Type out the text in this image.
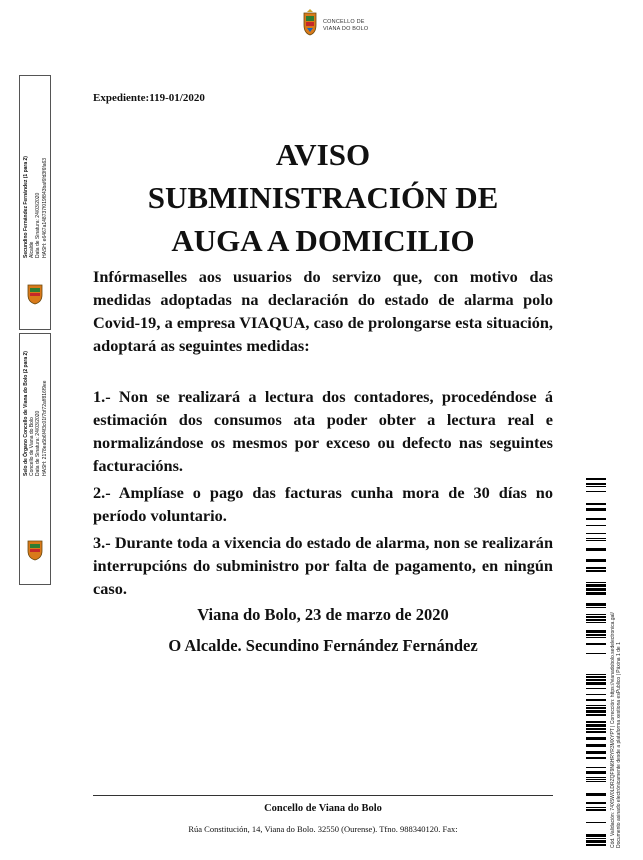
CONCELLO DE
VIANA DO BOLO
Secundino Fernández Fernández (1 para 2) Alcalde Data de Sinatura: 24/03/2020 HASH: e6467a148737f019f843baf6fd3f6fa63
Selo de Órgano Concello de Viana do Bolo (2 para 2) Concello de Viana do Bolo Data de Sinatura: 24/03/2020 HASH: 2178ea5b6f4f3c01f7bf72aff816f9ee
Expediente:119-01/2020
AVISO
SUBMINISTRACIÓN DE
AUGA A DOMICILIO
Infórmaselles aos usuarios do servizo que, con motivo das medidas adoptadas na declaración do estado de alarma polo Covid-19, a empresa VIAQUA, caso de prolongarse esta situación, adoptará as seguintes medidas:
1.- Non se realizará a lectura dos contadores, procedéndose á estimación dos consumos ata poder obter a lectura real e normalizándose os mesmos por exceso ou defecto nas seguintes facturacións.
2.- Amplíase o pago das facturas cunha mora de 30 días no período voluntario.
3.- Durante toda a vixencia do estado de alarma, non se realizarán interrupcións do subministro por falta de pagamento, en ningún caso.
Viana do Bolo, 23 de marzo de 2020
O Alcalde. Secundino Fernández Fernández
Concello de Viana do Bolo
Rúa Constitución, 14, Viana do Bolo. 32550 (Ourense). Tfno. 988340120. Fax:	Cód. Validación: 74X5W0LDRZQF9N6HRYR3MXYPT | Corrección: https://vianadobolo.sedelectronica.gal/ Documento asinado electrónicamente desde a plataforma xestiona esPublico | Páxina 1 de 1
